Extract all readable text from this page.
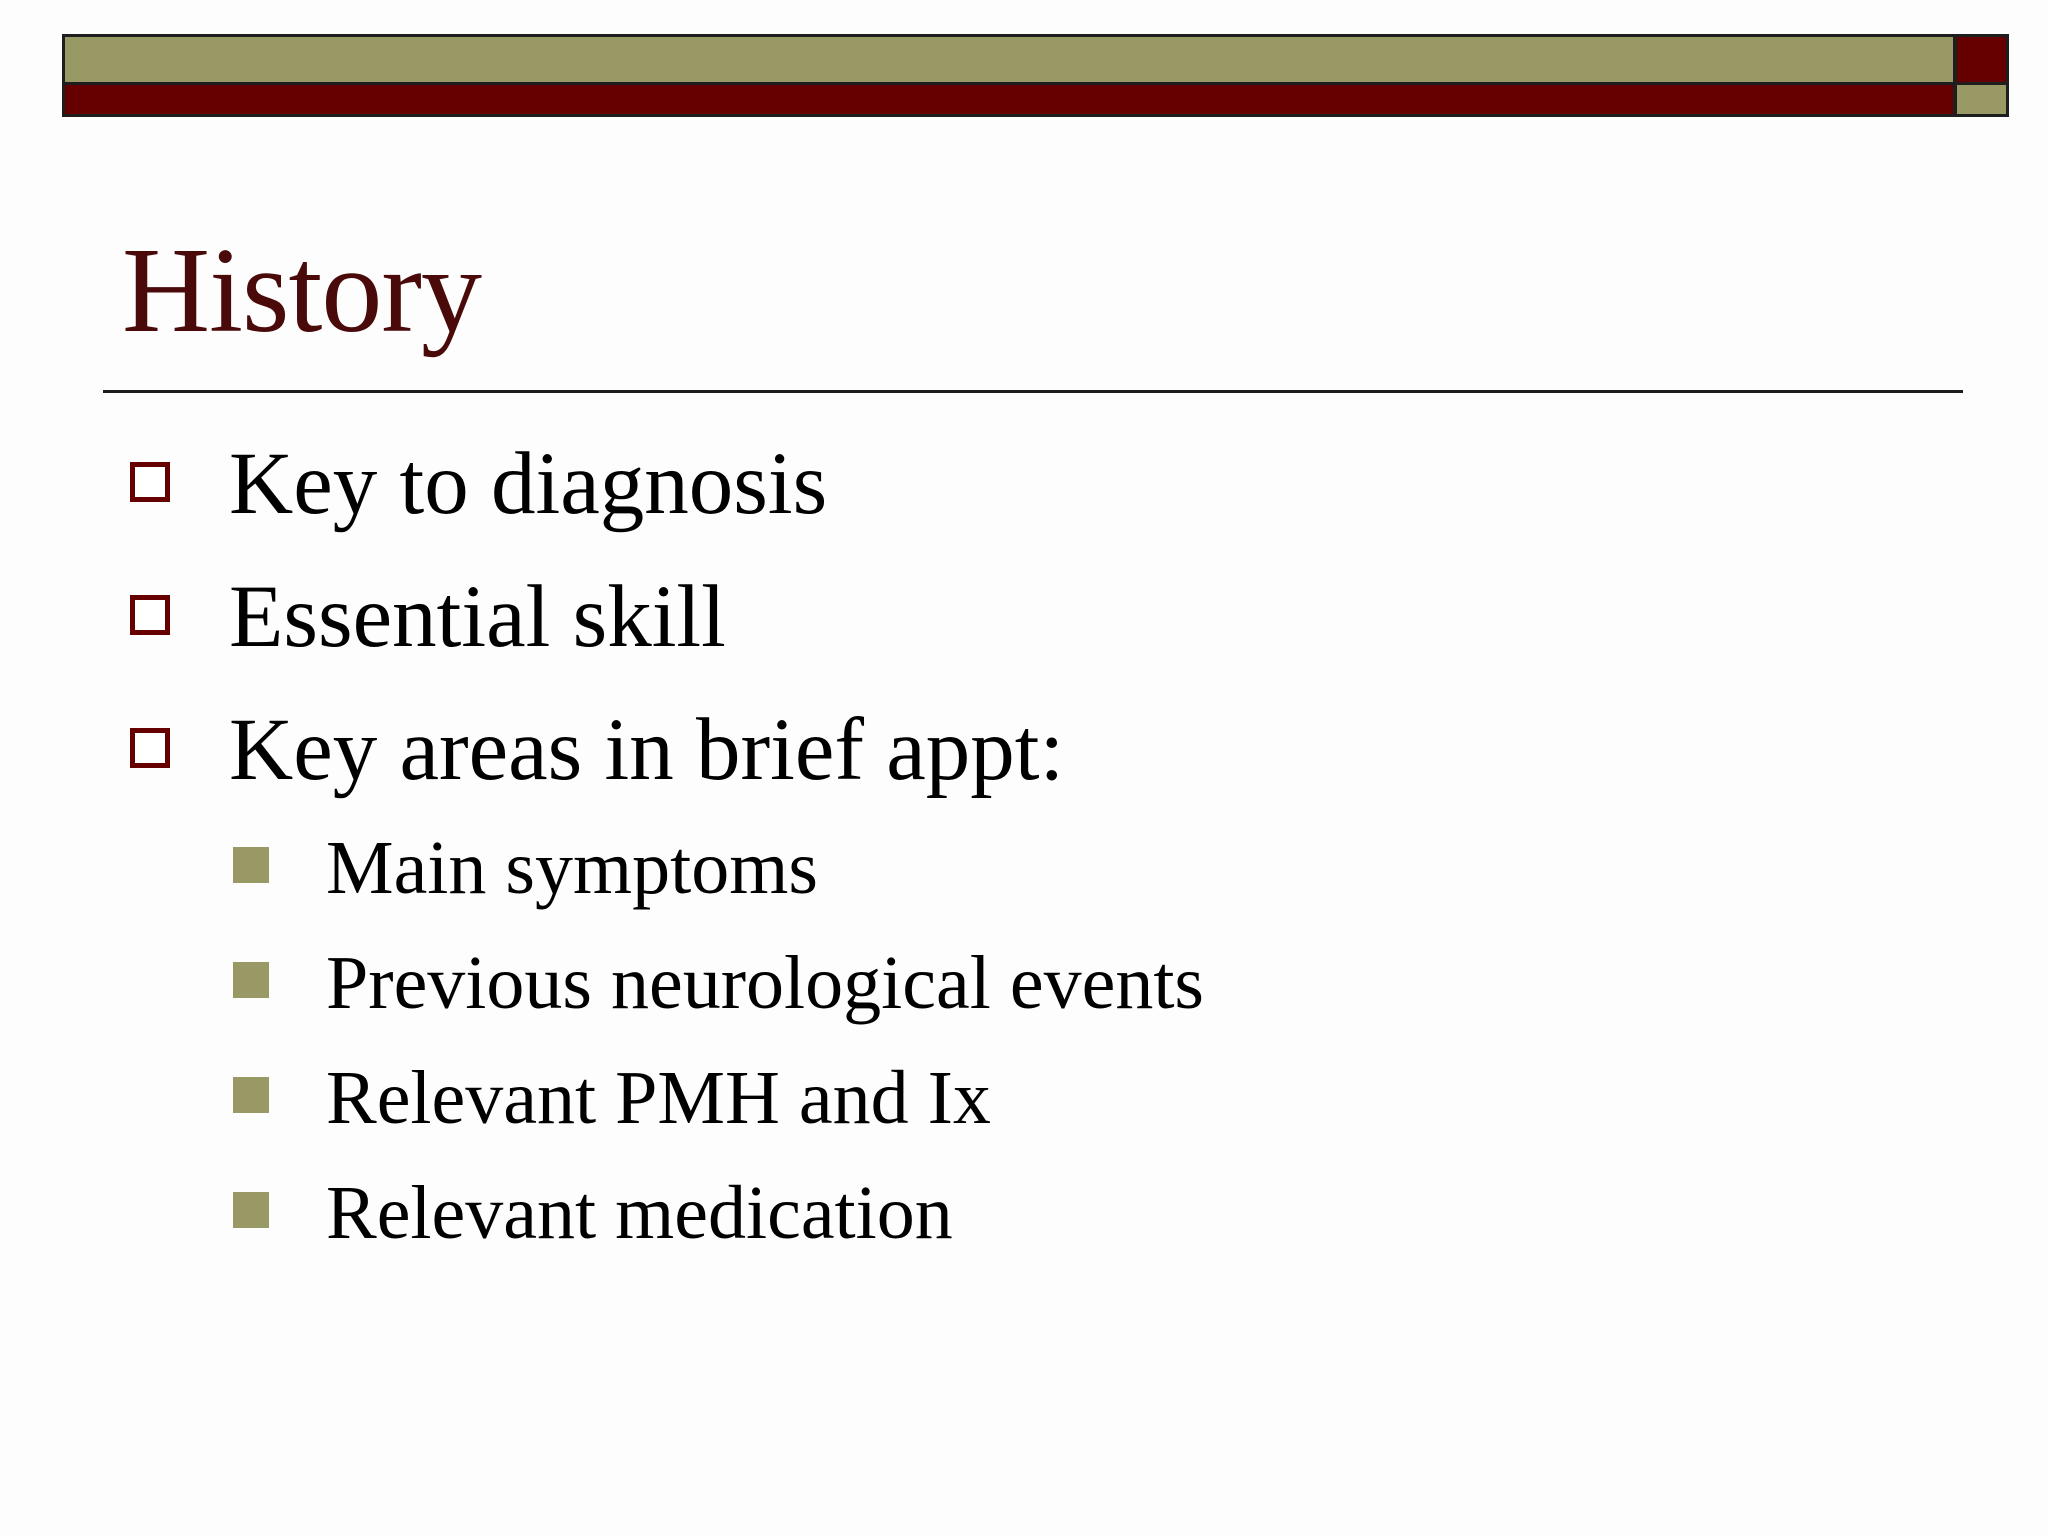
History
Key to diagnosis
Essential skill
Key areas in brief appt:
Main symptoms
Previous neurological events
Relevant PMH and Ix
Relevant medication
